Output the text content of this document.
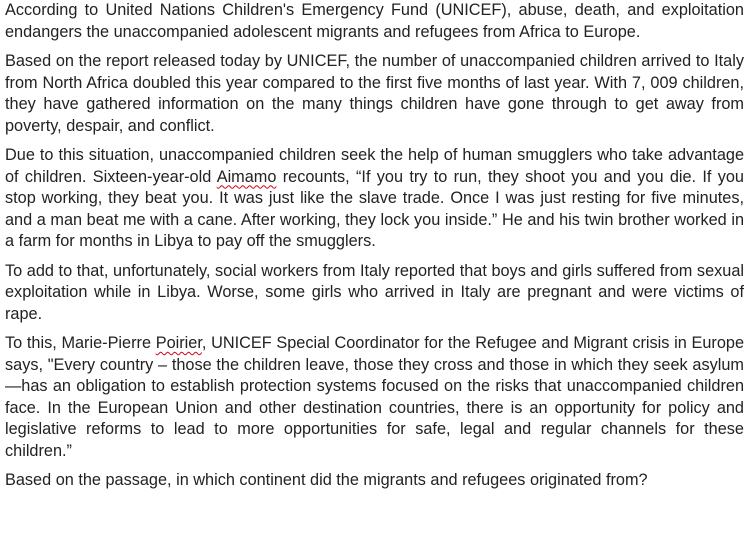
According to United Nations Children's Emergency Fund (UNICEF), abuse, death, and exploitation endangers the unaccompanied adolescent migrants and refugees from Africa to Europe.

Based on the report released today by UNICEF, the number of unaccompanied children arrived to Italy from North Africa doubled this year compared to the first five months of last year. With 7, 009 children, they have gathered information on the many things children have gone through to get away from poverty, despair, and conflict.

Due to this situation, unaccompanied children seek the help of human smugglers who take advantage of children. Sixteen-year-old Aimamo recounts, “If you try to run, they shoot you and you die. If you stop working, they beat you. It was just like the slave trade. Once I was just resting for five minutes, and a man beat me with a cane. After working, they lock you inside.” He and his twin brother worked in a farm for months in Libya to pay off the smugglers.

To add to that, unfortunately, social workers from Italy reported that boys and girls suffered from sexual exploitation while in Libya. Worse, some girls who arrived in Italy are pregnant and were victims of rape.

To this, Marie-Pierre Poirier, UNICEF Special Coordinator for the Refugee and Migrant crisis in Europe says, "Every country – those the children leave, those they cross and those in which they seek asylum—has an obligation to establish protection systems focused on the risks that unaccompanied children face. In the European Union and other destination countries, there is an opportunity for policy and legislative reforms to lead to more opportunities for safe, legal and regular channels for these children.”

Based on the passage, in which continent did the migrants and refugees originated from?
